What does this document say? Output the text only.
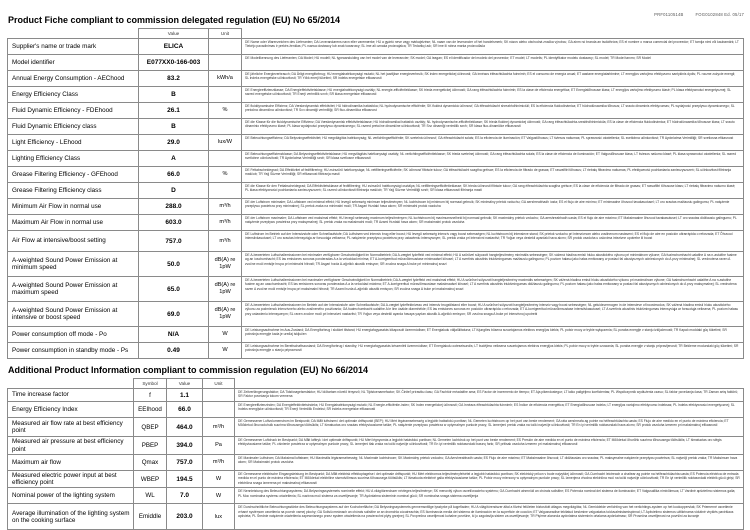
PRF0110514B	FOG0102848 Ed. 05/17
Product Fiche compliant to commission delegated regulation (EU) No 65/2014
	Value	Unit	
Supplier's name or trade mark	ELICA		DE Name oder Warenzeichen des Lieferanten; DA Leverandørens navn eller varemærke; HU a gyártó neve vagy márkajelzése; NL naam van de leverancier of het handelsmerk; SK názov alebo obchodná značka výrobcu; GA ainm nó branda an tsoláthróra; ES el nombre o marca comercial del proveedor; ET tarnija nimi või kaubamärk; LT Tiekėjo pavadinimas ir prekės ženklas; PL nazwa dostawcy lub znak towarowy; SL ime ali oznaka proizvajalca; TR Tedarikçi adı; SR ime ili robna marka proizvođača
Model identifier	E077XX0-166-003		DE Modellkennung des Lieferanten; DA Model; HU modell; NL typeaanduiding van het model van de leverancier; SK model; GA leagan; ES el identificador del modelo del proveedor; ET mudel; LT modelis; PL identyfikator modelu dostawcy; SL model; TR Model tanımı; SR Model
Annual Energy Consumption - AEChood	83.2	kWh/a	DE jährliche Energieverbrauch; DA Årligt energiforbrug; HU energiahatékonysági mutató; NL het jaarlijkse energieverbruik; SK index energetickej účinnosti; GA innéacs éifeachtúlachta fuinnimh; ES el consumo de energía anual; ET aastane energiatarbimine; LT energijos vartojimo efektyvumo santykinis dydis; PL roczne zużycie energii; SL indeks energetske učinkovitosti; TR Yıllık enerji tüketimi; SR indeks energetske efikasnosti
Energy Efficiency Class	B		DE Energieeffizienzklasse; DA Energieffektivitetsklasse; HU energiahatékonysági osztály; NL energie-efficiëntieklasse; SK trieda energetickej účinnosti; GA rang éifeachtúlachta fuinnimh; ES la clase de eficiencia energética; ET Energiatõhususe klass; LT energijos vartojimo efektyvumo klasė; PL klasa efektywności energetycznej; SL razred energetske učinkovitosti; TR Enerji verimlilik sınıfı; SR klasa energetske efikasnosti
Fluid Dynamic Efficiency - FDEhood	26.1	%	DE fluiddynamische Effizienz; DA Væskedynamisk effektivitet; HU hidrodinamika hatásfoka; NL hydrodynamische efficiëntie; SK fluidná dynamická účinnosť; GA éifeachtúlacht shreabhdhinimiciúil; ES la eficiencia fluidodinámica; ET hüdrodünaamika tõhusus; LT srauto dinaminis efektyvumas; PL wydajność przepływu dynamicznego; SL pretočna dinamična učinkovitost; TR Sıvı dinamiği verimliliği; SR fluo-dinamička efikasnost
Fluid Dynamic Efficiency class	B		DE die Klasse für die fluiddynamische Effizienz; DA Væskedynamisk effektivitetsklasse; HU hidrodinamikai hatásfok osztály; NL hydrodynamische-efficiëntieklasse; SK trieda fluidnej dynamickej účinnosti; GA rang éifeachtúlachta-sreabhdhinimiciúla; ES la clase de eficiencia fluidodinámica; ET hüdrodünaamika tõhususe klass; LT srauto dinaminio efektyvumo klasė; PL klasa wydajności przepływu dynamicznego; SL razred pretočne dinamične učinkovitosti; TR Sıvı dinamiği verimlilik sınıfı; SR klasa fluo-dinamičke efikasnosti
Light Efficiency - LEhood	29.0	lux/W	DE Beleuchtungseffizienz; DA Belysningseffektivitet; HU megvilágítás hatékonyság; NL verlichtingsefficiëntie; SK svetelná účinnosť; GA éifeachtúlacht solais; ES la eficiencia de iluminación; ET Valgustõhusus; LT šviesos našumas; PL sprawność oświetlenia; SL svetlobna učinkovitost; TR Aydınlatma Verimliliği; SR svetlosna efikasnost
Lighting Efficiency Class	A		DE Beleuchtungseffizienzklasse; DA Belysningseffektivitetsklasse; HU megvilágítás hatékonysági osztály; NL verlichtingsefficiëntieklasse; SK trieda svetelnej účinnosti; GA rang éifeachtúlachta solais; ES la clase de eficiencia de iluminación; ET Valgustõhususe klass; LT šviesos našumo klasė; PL klasa sprawności oświetlenia; SL razred svetlobne učinkovitosti; TR Aydınlatma Verimliliği sınıfı; SR klasa svetlosne efikasnosti
Grease Filtering Efficiency - GFEhood	66.0	%	DE Fettabscheidegrad; DA Effektivitet af fedtfiltrering; HU zsírszűrő hatékonysága; NL vetfilteringsefficiëntie; SK účinnosť filtrácie tukov; GA éifeachtúlacht scagtha gréisce; ES la eficiencia de filtrado de grasas; ET rasvafiltri tõhusus; LT riebalų filtravimo našumas; PL efektywność pochłaniania zanieczyszczeń; SL učinkovitost filtriranja maščob; TR Yağ Süzme Verimliliği; SR efikasnost filtriranja masti
Grease Filtering Efficiency class	D		DE die Klasse für den Fettabscheidegrad; DA Effektivitetsklasse af fedtfiltrering; HU zsírszűrő hatékonysági osztálya; NL vetfilteringsefficiëntieklasse; SK trieda účinnosti filtrácie tukov; GA rang éifeachtúlachta scagtha gréisce; ES la clase de eficiencia de filtrado de grasas; ET rasvafiltri tõhususe klass; LT riebalų filtravimo našumo klasė; PL klasa efektywności pochłaniania zanieczyszczeń; SL razred učinkovitosti filtriranja maščob; TR Yağ Süzme Verimliliği sınıfı; SR klasa efikasnosti filtriranja masti
Minimum Air Flow in normal use	288.0	m³/h	DE der Luftstrom minimaler; DA Luftstrøm ved minimal effekt; HU levegő sebesség minimum teljesítményen; NL luchtstroom bij minimum bij normaal gebruik; SK minimálny prietok vzduchu; GA aershreabhadh íosta; ES el flujo de aire mínimo; ET minimaalne õhuvool tavakasutusel; LT oro srautas mažiausiu galingumu; PL natężenie przepływu powietrza przy minimalnej; SL pretok zraka na minimalni moči; TR Asgari Hızdaki hava akımı; SR minimalni protok vazduha
Maximum Air Flow in normal use	603.0	m³/h	DE der Luftstrom maximaler; DA Luftstrøm ved maksimal effekt; HU levegő sebesség maximum teljesítményen; NL luchtstroom bij maximumsnelheid bij normaal gebruik; SK maximálny prietok vzduchu; GA aershreabhadh uasta; ES el flujo de aire máximo; ET Maksimaalne õhuvool tavakasutusel; LT oro srautas didžiausiu galingumu; PL natężenie przepływu powietrza przy maksymalnej; SL pretok zraka na maksimalni moči; TR Azami Hızdaki hava akımı; SR maksimalni protok vazduha
Air Flow at intensive/boost setting	757.0	m³/h	DE Luftstrom im Betrieb auf der Intensivstufe oder Schnellaufstufe; DA Luftstrøm ved intensiv brug eller boost; HU levegő sebesség intenzív vagy boost sebességen; NL luchtstroom bij intensieve stand; SK prietok vzduchu pri intenzívnom alebo zosilnenom nastavení; ES el flujo de aire en posición ultrarrápida o reforzada; ET Õhuvool intensiivkasutusel; LT oro srautas intensyviąja ar forsuotąja veiksena; PL natężenie przepływu powietrza przy ustawieniu intensywnym; SL pretok zraka pri intenzivni nastavitvi; TR Yoğun veya destekli ayardaki hava akımı; SR protok vazduha u uslovima intezivne upotrebe ili boost
A-weighted Sound Power Emission at minimum speed	50.0	dB(A) re 1pW	DE A-bewerteten Luftschallemissionen bei minimaler verfügbarer Geschwindigkeit im Normalbetrieb; DA A-vægtet lydeffekt ved minimal effekt; HU A szűrővel súlyozott hangteljesítmény minimális sebességen; SK vážená hladina emisií hluku akustického výkonu pri minimálnom výkone; GA fuaimchumhacht ualaithe A na n-astuithe fuaime ag an íoschumhacht; ES las emisiones sonoras ponderadas A a la velocidad mínima; ET A-korrigeeritud müravõimsustase minimaalsel kiirusel; LT A svertinis akustinis triukšmingumas mažiausiu galingumu; PL poziom hałasu jako hałas emitowany w postaci fal akustycznych odniesionych do A przy minimalnej; SL vrednotena raven A zvočne moči emisije hrupa pri minimalni hitrosti; TR Asgari hızda A-ağırlıklı akustik emisyon; SR zvučna snaga A buke pri minimalnoj snazi
A-weighted Sound Power Emission at maximum speed	65.0	dB(A) re 1pW	DE A-bewerteten Luftschallemissionen bei maximaler verfügbarer Geschwindigkeit im Normalbetrieb; DA A-vægtet lydeffekt ved maksimal effekt; HU A szűrővel súlyozott hangteljesítmény maximális sebességen; SK vážená hladina emisií hluku akustického výkonu pri maximálnom výkone; GA fuaimchumhacht ualaithe A na n-astuithe fuaime ag an uaschumhacht; ES las emisiones sonoras ponderadas A a la velocidad máxima; ET A-korrigeeritud müravõimsustase maksimaalsel kiirusel; LT A svertinis akustinis triukšmingumas didžiausiu galingumu; PL poziom hałasu jako hałas emitowany w postaci fal akustycznych odniesionych do A przy maksymalnej; SL vrednotena raven A zvočne moči emisije hrupa pri maksimalni hitrosti; TR Azami hızda A-ağırlıklı akustik emisyon; SR zvučna snaga A buke pri maksimalnoj snazi
A-weighted Sound Power Emission at intensive or boost speed	69.0	dB(A) re 1pW	DE A-bewerteten Luftschallemissionen im Betrieb auf der Intensivstufe oder Schnellaufstufe; DA A-vægtet lydeffektniveau ved intensiv brugstilstand eller boost; HU A szűrővel súlyozott hangteljesítmény intenzív vagy boost sebességen; NL geluidsvermogen in de intensieve of boostmodus; SK vážená hladina emisií hluku akustického výkonu za podmienok intenzívneho alebo zosilneného používania; GA fuaimchumhacht ualaithe A le linn úsáide dianmhéide; ES las emisiones sonoras en posición ultrarrápida o reforzada; ET A-korrigeeritud müravõimsustase intensiivkasutusel; LT A svertinis akustinis triukšmingumas intensyviąja ar forsuotąja veiksena; PL poziom hałasu przy ustawieniu intensywnym; SL raven zvočne moči pri intenzivni nastavitvi; TR Yoğun veya destekli ayarda havaya yayılan akustik A-ağırlıklı emisyon; SR zvučna snaga A buke pri intenzivnoj upotrebi
Power consumption off mode - Po	N/A	W	DE Leistungsaufnahme im Aus-Zustand; DA Energiforbrug i slukket tilstand; HU energiafogyasztás kikapcsolt üzemmódban; ET Energiakulu väljalülitatuna; LT išjungties būsena suvartojamos elektros energijos kiekis; PL pobór mocy w trybie wyłączenia; SL poraba energije v stanju izključenosti; TR Kapalı moddaki güç tüketimi; SR potrošnja energije kada je uređaj isključen
Power consumption in standby mode - Ps	0.49	W	DE Leistungsaufnahme im Bereitschaftszustand; DA Energiforbrug i standby; HU energiafogyasztás készenléti üzemmódban; ET Energiakulu ooteseisundis; LT budėjimo veiksena suvartojamos elektros energijos kiekis; PL pobór mocy w trybie czuwania; SL poraba energije v stanju pripravljenosti; TR Bekleme modundaki güç tüketimi; SR potrošnja energije u stanju pripravnosti
Additional Product Information compliant to commission regulation (EU) No 66/2014
	Symbol	Value	Unit	
Time increase factor	f	1.1		DE Zeitverlängerungsfaktor; DA Tidsforøgelsesfaktor; HU Időtartam növelő tényező; NL Tijdstoenamefactor; SK Činiteľ prírastku času; GA Fachtóir méadaithe ama; ES Factor de incremento de tiempo; ET Aja pikendustegur; LT laiko pailgėjimo koeficientas; PL Współczynnik wydłużenia czasu; SL faktor povečanja časa; TR Zaman artış faktörü; SR Faktor povećanja tokom vremena
Energy Efficiency Index	EEIhood	66.0		DE Energieeffizienzindex; DA Energieffektivitetsindeks; HU Energiahatékonysági mutató; NL Energie-efficiëntie-index; SK Index energetickej účinnosti; GA Innéacs éifeachtúlachta fuinnimh; ES Índice de eficiencia energética; ET Energiatõhususe indeks; LT energijos vartojimo efektyvumo indeksas; PL Indeks efektywności energetycznej; SL Indeks energijske učinkovitosti; TR Enerji Verimlilik Endeksi; SR indeks energetske efikasnosti
Measured air flow rate at best efficiency point	QBEP	464.0	m³/h	DE Gemessener Luftvolumenstrom im Bestpunkt; DA Målt luftstrøm i det optimale driftspunkt (BEP); HU Mért légáramsebesség a legjobb hatásfokú pontban; NL Gemeten luchtstroom op het punt van beste rendement; GA ráta aershreafa ag pointe na héifeachtúlachta uasta; ES Flujo de aire medido en el punto de máxima eficiencia; ET Mõõdetud õhuvooluhulk suurima tõhususega töötsüklis; LT išmatuotas oro srautas efektyviausiame taške; PL natężenie przepływu powietrza w optymalnym punkcie pracy; SL izmerjeni pretok zraka na točki največje učinkovitosti; TR En iyi verimlilik noktasındaki hava akımı; SR protok vazduha izmeren pri maksimalnoj efikasnosti
Measured air pressure at best efficiency point	PBEP	394.0	Pa	DE Gemessener Luftdruck im Bestpunkt; DA Målt lufttryk i det optimale driftspunkt; HU Mért légnyomás a legjobb hatásfokú pontban; NL Gemeten luchtdruk op het punt van beste rendement; ES Presión de aire medida en el punto de máxima eficiencia; ET Mõõdetud õhurõhk suurima tõhususega töötsüklis; LT išmatuotas oro slėgis efektyviausiame taške; PL ciśnienie powietrza w optymalnym punkcie pracy; SL izmerjeni tlak zraka na točki največje učinkovitosti; TR En iyi verimlilik noktasındaki basınç farkı; SR pritisak vazduha izmeren pri maksimalnoj efikasnosti
Maximum air flow	Qmax	757.0	m³/h	DE Maximaler Luftstrom; DA Maksimal luftstrøm; HU Maximális légáramsebesség; NL Maximale luchtstroom; SK Maximálny prietok vzduchu; GA Aershreabhadh uasta; ES Flujo de aire máximo; ET Maksimaalne õhuvool; LT didžiausias oro srautas; PL maksymalne natężenie przepływu powietrza; SL največji pretok zraka; TR Maksimum hava akımı; SR Maksimalni protok vazduha
Measured electric power input at best efficiency point	WBEP	194.5	W	DE Gemessene elektrische Eingangsleistung im Bestpunkt; DA Målt elektrisk effektoptagelse i det optimale driftspunkt; HU Mért elektromos teljesítményfelvétel a legjobb hatásfokú pontban; SK elektrický príkon v bode najvyššej účinnosti; GA Cumhacht leictreach a chaitear ag pointe na héifeachtúlachta uasta; ES Potencia eléctrica de entrada medida en el punto de máxima eficiencia; ET Mõõdetud elektriline sisendvõimsus suurima tõhususega töötsüklis; LT išmatuota elektrinė galia efektyviausiame taške; PL Pobór mocy mierzony w optymalnym punkcie pracy; SL Izmerjena vhodna električna moč na točki največje učinkovitosti; TR En iyi verimlilik noktasındaki elektrik gücü girişi; SR električna snaga izmerena pri maksimalnoj efikasnosti
Nominal power of the lighting system	WL	7.0	W	DE Nennleistung des Beleuchtungssystems; DA Belysningssystemets nominelle effekt; HU A világítórendszer névleges teljesítménye; SK menovitý výkon osvetľovacieho systému; GA Cumhacht ainmniúil an chórais soilsithe; ES Potencia nominal del sistema de iluminación; ET Valgusallika nimivõimsus; LT Vardinė apšvietimo sistemos galia; PL Moc nominalna systemu oświetlenia; SL nazivna moč sistema za osvetljevanje; TR Aydınlatma sisteminin nominal gücü; SR nominalna snaga sistema osvetljenja
Average illumination of the lighting system on the cooking surface	Emiddle	203.0	lux	DE Durchschnittliche Beleuchtungsstärke des Beleuchtungssystems auf der Kochoberfläche; DA Belysningssystemets gennemsnitlige lysstyrke på kogefladen; HU A világítórendszer által a főzési felületen biztosított átlagos megvilágítás; NL Gemiddelde verlichting van het verlichtings-system op het kookoppervlak; SK Priemerné osvetlenie vrhané systémom osvetlenia na povrch varnej plochy; GA Soilsiú meánach an chórais soilsithe ar an dromchla cócaireachta; ES Iluminancia media del sistema de iluminación en la superficie de cocción; ET Valgusseadise tekitatud keskmine valgustatus toiduvalmistamispinnal; LT Apšvietimo sistemos užtikrinama vidutinė viryklės paviršiaus apšvieta; PL Średnie natężenie oświetlenia zapewnianego przez system oświetlenia na powierzchni płyty grzejnej; SL Povprečna osvetljenost kuhalne površine, ki jo zagotavlja sistem za osvetljevanje; TR Pişirme alanında aydınlatma sisteminin ortalama aydınlatması; SR Prosečna osvetljenost na površini za kuvanje
